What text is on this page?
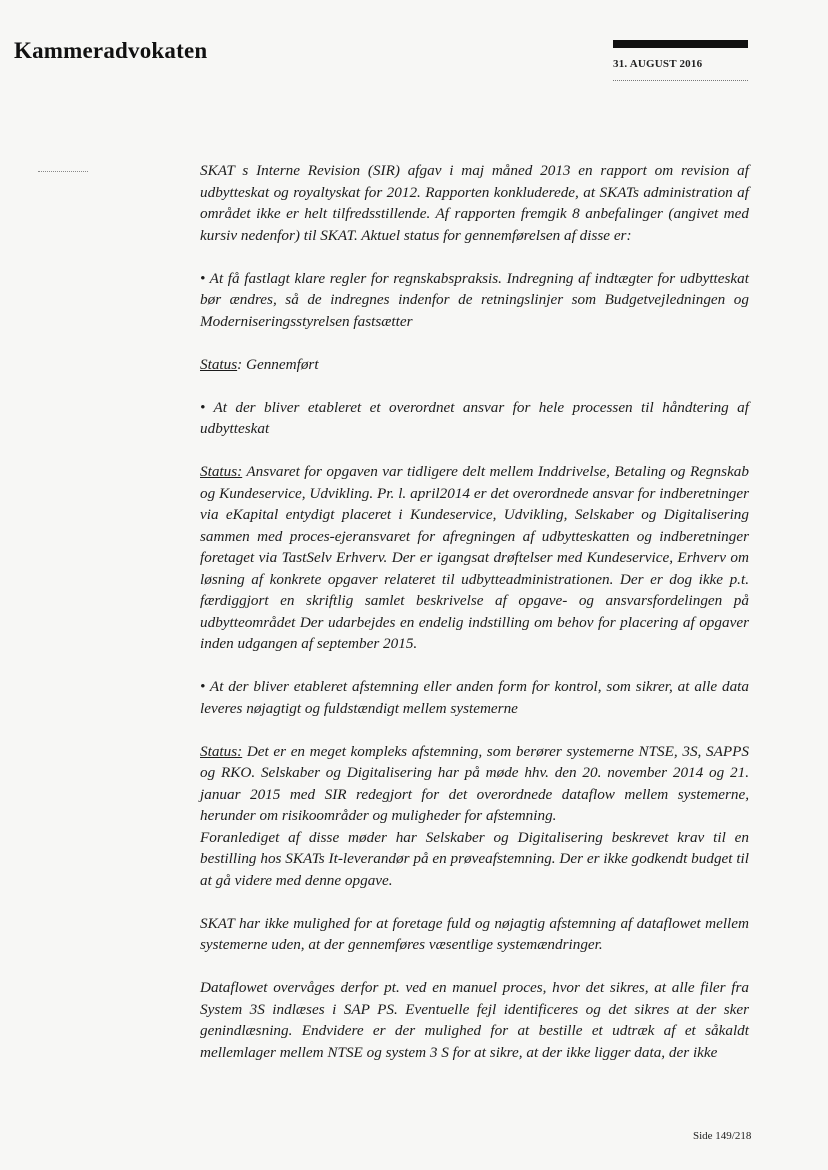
Kammeradvokaten
31. AUGUST 2016

SKAT s Interne Revision (SIR) afgav i maj måned 2013 en rapport om revision af udbytteskat og royaltyskat for 2012. Rapporten konkluderede, at SKATs administration af området ikke er helt tilfredsstillende. Af rapporten fremgik 8 anbefalinger (angivet med kursiv nedenfor) til SKAT. Aktuel status for gennemførelsen af disse er:

• At få fastlagt klare regler for regnskabspraksis. Indregning af indtægter for udbytteskat bør ændres, så de indregnes indenfor de retningslinjer som Budgetvejledningen og Moderniseringsstyrelsen fastsætter

Status: Gennemført

• At der bliver etableret et overordnet ansvar for hele processen til håndtering af udbytteskat

Status: Ansvaret for opgaven var tidligere delt mellem Inddrivelse, Betaling og Regnskab og Kundeservice, Udvikling. Pr. l. april2014 er det overordnede ansvar for indberetninger via eKapital entydigt placeret i Kundeservice, Udvikling, Selskaber og Digitalisering sammen med proces-ejeransvaret for afregningen af udbytteskatten og indberetninger foretaget via TastSelv Erhverv. Der er igangsat drøftelser med Kundeservice, Erhverv om løsning af konkrete opgaver relateret til udbytteadministrationen. Der er dog ikke p.t. færdiggjort en skriftlig samlet beskrivelse af opgave- og ansvarsfordelingen på udbytteområdet Der udarbejdes en endelig indstilling om behov for placering af opgaver inden udgangen af september 2015.

• At der bliver etableret afstemning eller anden form for kontrol, som sikrer, at alle data leveres nøjagtigt og fuldstændigt mellem systemerne

Status: Det er en meget kompleks afstemning, som berører systemerne NTSE, 3S, SAPPS og RKO. Selskaber og Digitalisering har på møde hhv. den 20. november 2014 og 21. januar 2015 med SIR redegjort for det overordnede dataflow mellem systemerne, herunder om risikoområder og muligheder for afstemning.

Foranlediget af disse møder har Selskaber og Digitalisering beskrevet krav til en bestilling hos SKATs It-leverandør på en prøveafstemning. Der er ikke godkendt budget til at gå videre med denne opgave.

SKAT har ikke mulighed for at foretage fuld og nøjagtig afstemning af dataflowet mellem systemerne uden, at der gennemføres væsentlige systemændringer.

Dataflowet overvåges derfor pt. ved en manuel proces, hvor det sikres, at alle filer fra System 3S indlæses i SAP PS. Eventuelle fejl identificeres og det sikres at der sker genindlæsning. Endvidere er der mulighed for at bestille et udtræk af et såkaldt mellemlager mellem NTSE og system 3 S for at sikre, at der ikke ligger data, der ikke

Side 149/218
